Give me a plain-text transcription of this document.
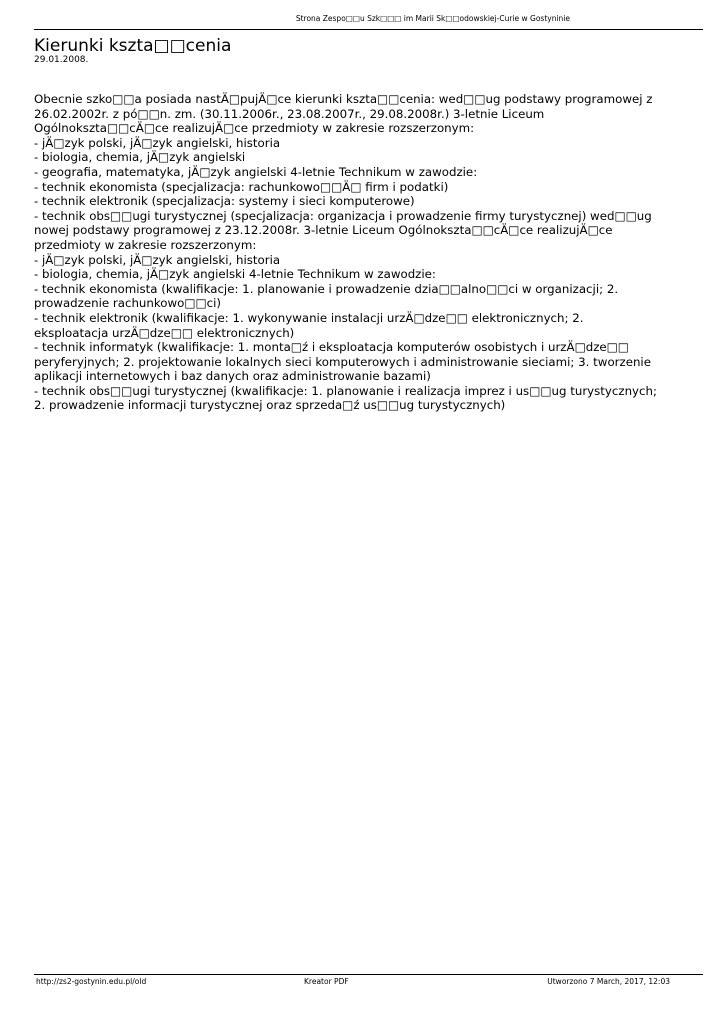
Strona Zespo□□u Szk□□□ im Marii Sk□□odowskiej-Curie w Gostyninie
Kierunki kszta□□cenia
29.01.2008.
Obecnie szko□□a posiada nastÄ□pujÄ□ce kierunki kszta□□cenia: wed□□ug podstawy programowej z
26.02.2002r. z pó□□n. zm. (30.11.2006r., 23.08.2007r., 29.08.2008r.) 3-letnie Liceum
Ogólnokszta□□cÄ□ce realizujÄ□ce przedmioty w zakresie rozszerzonym:
- jÄ□zyk polski, jÄ□zyk angielski, historia
- biologia, chemia, jÄ□zyk angielski
- geografia, matematyka, jÄ□zyk angielski 4-letnie Technikum w zawodzie:
- technik ekonomista (specjalizacja: rachunkowo□□Ä□ firm i podatki)
- technik elektronik (specjalizacja: systemy i sieci komputerowe)
- technik obs□□ugi turystycznej (specjalizacja: organizacja i prowadzenie firmy turystycznej) wed□□ug
nowej podstawy programowej z 23.12.2008r. 3-letnie Liceum Ogólnokszta□□cÄ□ce realizujÄ□ce
przedmioty w zakresie rozszerzonym:
- jÄ□zyk polski, jÄ□zyk angielski, historia
- biologia, chemia, jÄ□zyk angielski 4-letnie Technikum w zawodzie:
- technik ekonomista (kwalifikacje: 1. planowanie i prowadzenie dzia□□alno□□ci w organizacji; 2.
prowadzenie rachunkowo□□ci)
- technik elektronik (kwalifikacje: 1. wykonywanie instalacji urzÄ□dze□□ elektronicznych; 2.
eksploatacja urzÄ□dze□□ elektronicznych)
- technik informatyk (kwalifikacje: 1. monta□ź i eksploatacja komputerów osobistych i urzÄ□dze□□
peryferyjnych; 2. projektowanie lokalnych sieci komputerowych i administrowanie sieciami; 3. tworzenie
aplikacji internetowych i baz danych oraz administrowanie bazami)
- technik obs□□ugi turystycznej (kwalifikacje: 1. planowanie i realizacja imprez i us□□ug turystycznych;
2. prowadzenie informacji turystycznej oraz sprzeda□ź us□□ug turystycznych)
http://zs2-gostynin.edu.pl/old	Kreator PDF	Utworzono 7 March, 2017, 12:03
